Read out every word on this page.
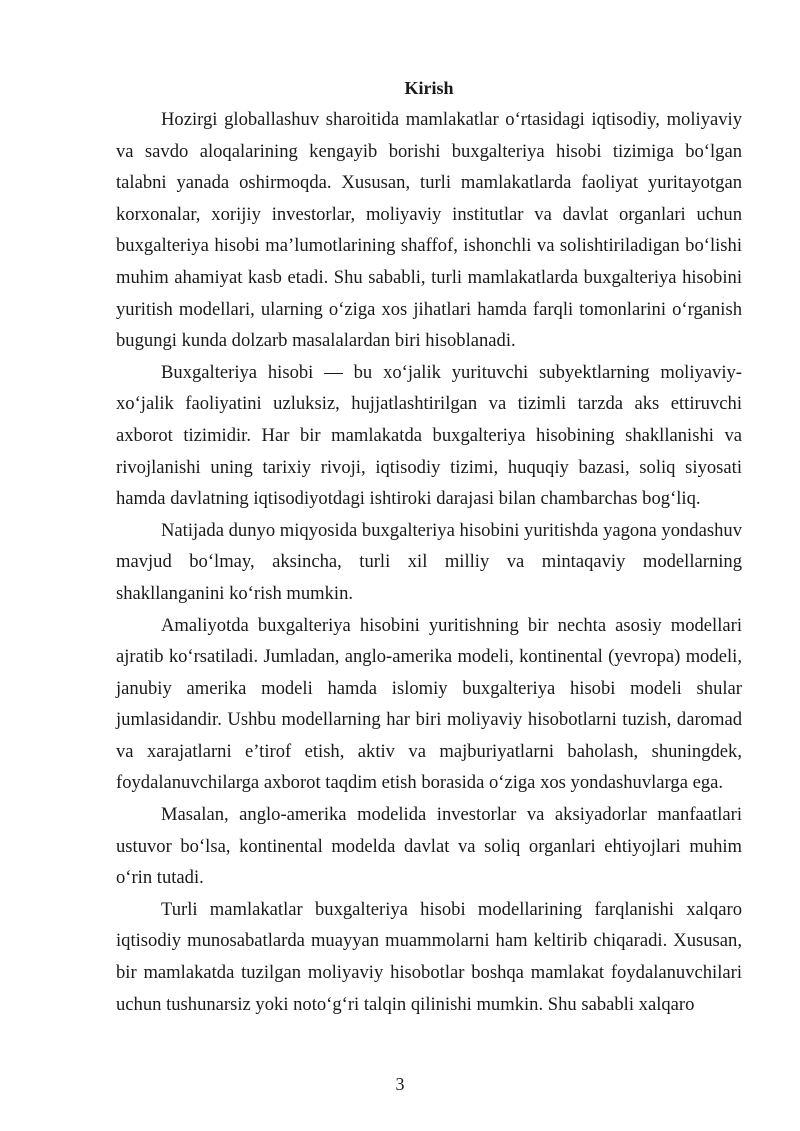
Kirish

Hozirgi globallashuv sharoitida mamlakatlar o‘rtasidagi iqtisodiy, moliyaviy va savdo aloqalarining kengayib borishi buxgalteriya hisobi tizimiga bo‘lgan talabni yanada oshirmoqda. Xususan, turli mamlakatlarda faoliyat yuritayotgan korxonalar, xorijiy investorlar, moliyaviy institutlar va davlat organlari uchun buxgalteriya hisobi ma’lumotlarining shaffof, ishonchli va solishtiriladigan bo‘lishi muhim ahamiyat kasb etadi. Shu sababli, turli mamlakatlarda buxgalteriya hisobini yuritish modellari, ularning o‘ziga xos jihatlari hamda farqli tomonlarini o‘rganish bugungi kunda dolzarb masalalardan biri hisoblanadi.

Buxgalteriya hisobi — bu xo‘jalik yurituvchi subyektlarning moliyaviy-xo‘jalik faoliyatini uzluksiz, hujjatlashtirilgan va tizimli tarzda aks ettiruvchi axborot tizimidir. Har bir mamlakatda buxgalteriya hisobining shakllanishi va rivojlanishi uning tarixiy rivoji, iqtisodiy tizimi, huquqiy bazasi, soliq siyosati hamda davlatning iqtisodiyotdagi ishtiroki darajasi bilan chambarchas bog‘liq.

Natijada dunyo miqyosida buxgalteriya hisobini yuritishda yagona yondashuv mavjud bo‘lmay, aksincha, turli xil milliy va mintaqaviy modellarning shakllanganini ko‘rish mumkin.

Amaliyotda buxgalteriya hisobini yuritishning bir nechta asosiy modellari ajratib ko‘rsatiladi. Jumladan, anglo-amerika modeli, kontinental (yevropa) modeli, janubiy amerika modeli hamda islomiy buxgalteriya hisobi modeli shular jumlasidandir. Ushbu modellarning har biri moliyaviy hisobotlarni tuzish, daromad va xarajatlarni e’tirof etish, aktiv va majburiyatlarni baholash, shuningdek, foydalanuvchilarga axborot taqdim etish borasida o‘ziga xos yondashuvlarga ega.

Masalan, anglo-amerika modelida investorlar va aksiyadorlar manfaatlari ustuvor bo‘lsa, kontinental modelda davlat va soliq organlari ehtiyojlari muhim o‘rin tutadi.

Turli mamlakatlar buxgalteriya hisobi modellarining farqlanishi xalqaro iqtisodiy munosabatlarda muayyan muammolarni ham keltirib chiqaradi. Xususan, bir mamlakatda tuzilgan moliyaviy hisobotlar boshqa mamlakat foydalanuvchilari uchun tushunarsiz yoki noto‘g‘ri talqin qilinishi mumkin. Shu sababli xalqaro

3
